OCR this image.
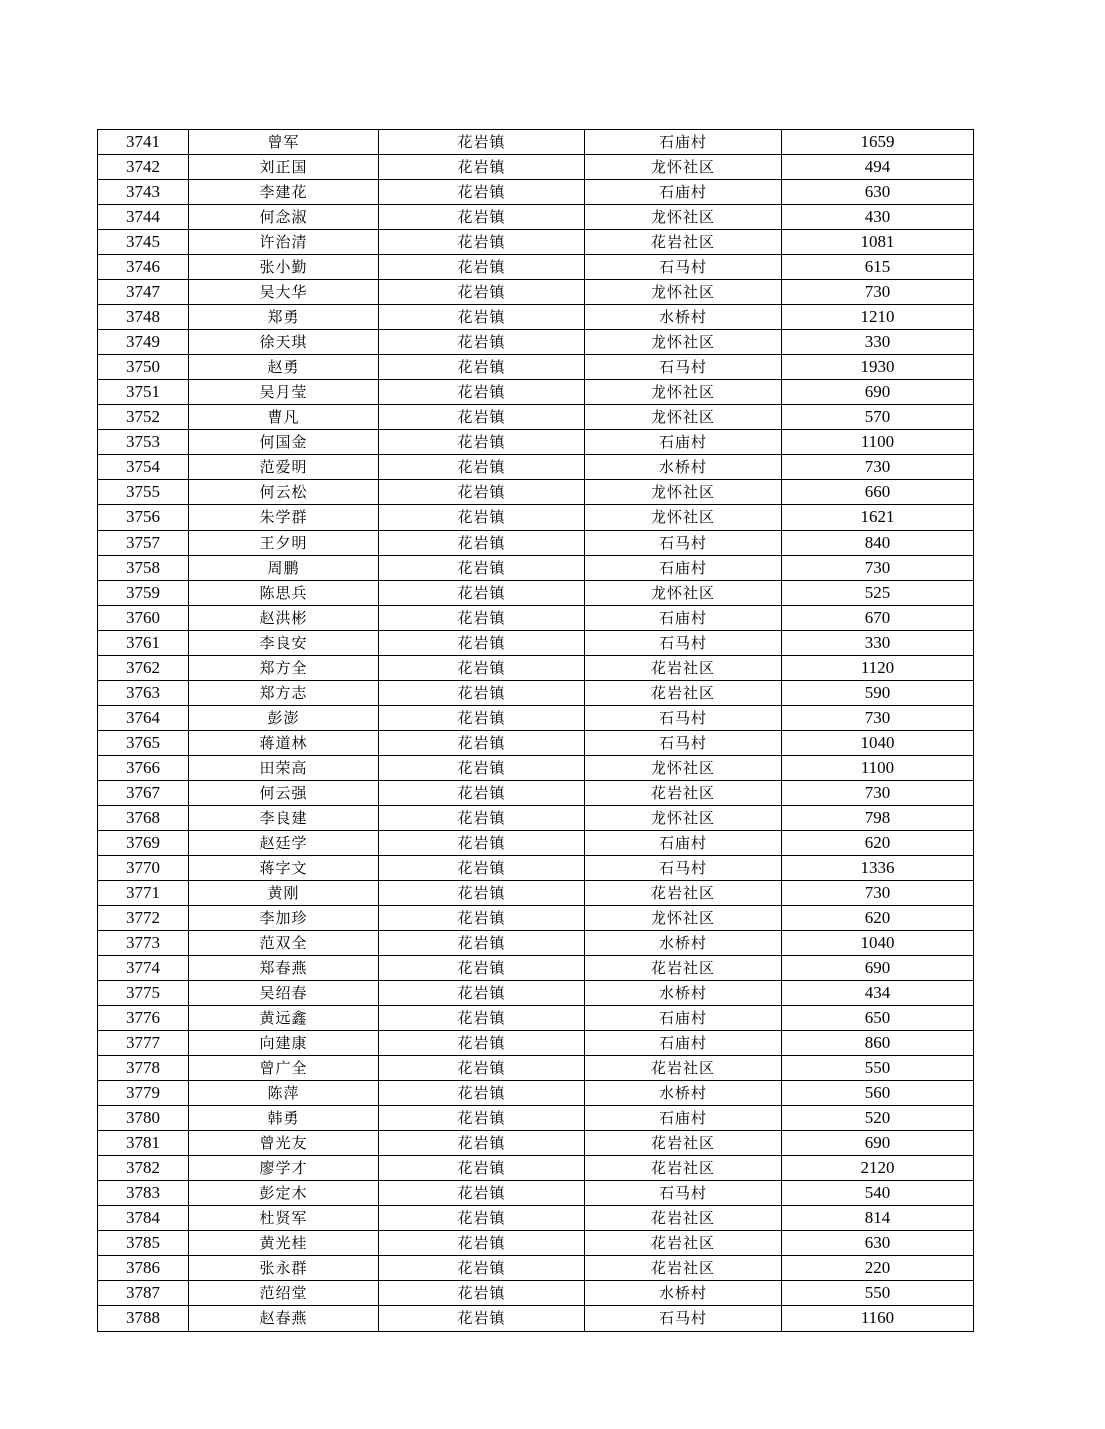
3741	曾军	花岩镇	石庙村	1659
3742	刘正国	花岩镇	龙怀社区	494
3743	李建花	花岩镇	石庙村	630
3744	何念淑	花岩镇	龙怀社区	430
3745	许治清	花岩镇	花岩社区	1081
3746	张小勤	花岩镇	石马村	615
3747	吴大华	花岩镇	龙怀社区	730
3748	郑勇	花岩镇	水桥村	1210
3749	徐天琪	花岩镇	龙怀社区	330
3750	赵勇	花岩镇	石马村	1930
3751	吴月莹	花岩镇	龙怀社区	690
3752	曹凡	花岩镇	龙怀社区	570
3753	何国金	花岩镇	石庙村	1100
3754	范爱明	花岩镇	水桥村	730
3755	何云松	花岩镇	龙怀社区	660
3756	朱学群	花岩镇	龙怀社区	1621
3757	王夕明	花岩镇	石马村	840
3758	周鹏	花岩镇	石庙村	730
3759	陈思兵	花岩镇	龙怀社区	525
3760	赵洪彬	花岩镇	石庙村	670
3761	李良安	花岩镇	石马村	330
3762	郑方全	花岩镇	花岩社区	1120
3763	郑方志	花岩镇	花岩社区	590
3764	彭澎	花岩镇	石马村	730
3765	蒋道林	花岩镇	石马村	1040
3766	田荣高	花岩镇	龙怀社区	1100
3767	何云强	花岩镇	花岩社区	730
3768	李良建	花岩镇	龙怀社区	798
3769	赵廷学	花岩镇	石庙村	620
3770	蒋字文	花岩镇	石马村	1336
3771	黄刚	花岩镇	花岩社区	730
3772	李加珍	花岩镇	龙怀社区	620
3773	范双全	花岩镇	水桥村	1040
3774	郑春燕	花岩镇	花岩社区	690
3775	吴绍春	花岩镇	水桥村	434
3776	黄远鑫	花岩镇	石庙村	650
3777	向建康	花岩镇	石庙村	860
3778	曾广全	花岩镇	花岩社区	550
3779	陈萍	花岩镇	水桥村	560
3780	韩勇	花岩镇	石庙村	520
3781	曾光友	花岩镇	花岩社区	690
3782	廖学才	花岩镇	花岩社区	2120
3783	彭定木	花岩镇	石马村	540
3784	杜贤军	花岩镇	花岩社区	814
3785	黄光桂	花岩镇	花岩社区	630
3786	张永群	花岩镇	花岩社区	220
3787	范绍堂	花岩镇	水桥村	550
3788	赵春燕	花岩镇	石马村	1160
